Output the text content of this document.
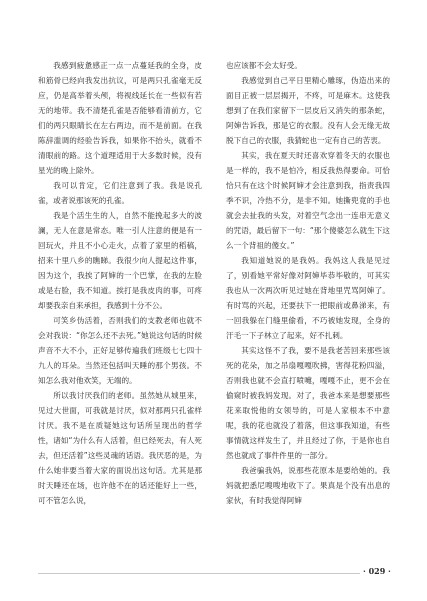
我感到疲惫感正一点一点蔓延我的全身，皮和筋骨已经向我发出抗议，可是两只孔雀毫无反应，仍是高举着头颅，将视线延长在一些似有若无的地带。我不清楚孔雀是否能够看清前方，它们的两只眼睛长在左右两边，而不是前面。在我陈辞滥调的经验告诉我，如果你不抬头，就看不清眼前的路。这个道理适用于大多数时候，没有星光的晚上除外。

我可以肯定，它们注意到了我。我是说孔雀，或者说那该死的孔雀。

我是个活生生的人，自然不能挽起多大的波澜，无人在意是常态。唯一引人注意的便是有一回玩火，并且不小心走火，点着了家里的稻稿，招来十里八乡的瞧睇。我很少向人提起这件事，因为这个，我挨了阿婶的一个巴掌，在我的左脸或是右脸，我不知道。挨打是我皮肉的事，可疼却要我亲自来承担，我感到十分不公。

可笑乡伪活着，否则我们的支教老师也就不会对我说：“你怎么还不去死。”她说这句话的时候声音不大不小，正好足够传遍我们班级七七四十九人的耳朵。当然还包括叫天睡的那个男孩。不知怎么我对他欢笑，无端的。

所以我讨厌我们的老师。虽然她从城里来，见过大世面，可我就是讨厌，似对那两只孔雀样讨厌。我不是在质疑她这句话所呈现出的哲学性，诸如“为什么有人活着，但已经死去，有人死去，但还活着”这些灵魂的话语。我厌恶的是，为什么她非要当着大家的面说出这句话。尤其是那时天睡还在场，也许他不在的话还能好上一些，可不管怎么说，

也应该都不会太好受。

我感觉到自己平日里精心雕琢，伪造出来的面目正被一层层揭开，不疼，可是麻木。这使我想到了在我们家留下一层皮后又消失的那条蛇，阿婶告诉我，那是它的衣服。没有人会无缘无故脱下自己的衣服，我猜蛇也一定有自己的苦衷。

其实，我在夏天时还喜欢穿着冬天的衣服也是一样的，我不是怕冷，相反我热得要命。可恰恰只有在这个时候阿婶才会注意到我，指责我四季不识，冷热不分，是非不知。她撕兜竟的手也就会去扯我的头发，对着空气念出一连串无意义的咒语，最后留下一句：“那个傻婆怎么就生下这么一个背祖的傻女。”

我知道她说的是我妈。我妈这人我是见过了，别看她平常好像对阿婶毕恭毕敬的，可其实我也从一次两次听见过她在背地里咒骂阿婶了。有时骂的兴起，还要扶下一把眼前或鼻涕来，有一回我躲在门缝里偷看，不巧被她发现，全身的汗毛一下子林立了起来，好不扎刺。

其实这怪不了我，要不是我老苦回来那些该死的花朵，加之吊扇嘎嘎吹拂，害得花粉四溢，否则我也就不会直打喷嚏，嘎嘎不止，更不会在偷窥时被我妈发现。对了，我爸本来是想要那些花来取悦他的女领导的，可是人家根本不中意呢，我的花也就没了着落，但这事我知道，有些事情就这样发生了，并且经过了你，于是你也自然也就成了事件件里的一部分。

我爸骗我妈，说那些花原本是要给她的。我妈就把悉尼嗖嗖地收下了。果真是个没有出息的家伙，有时我觉得阿婶

· 029 ·
